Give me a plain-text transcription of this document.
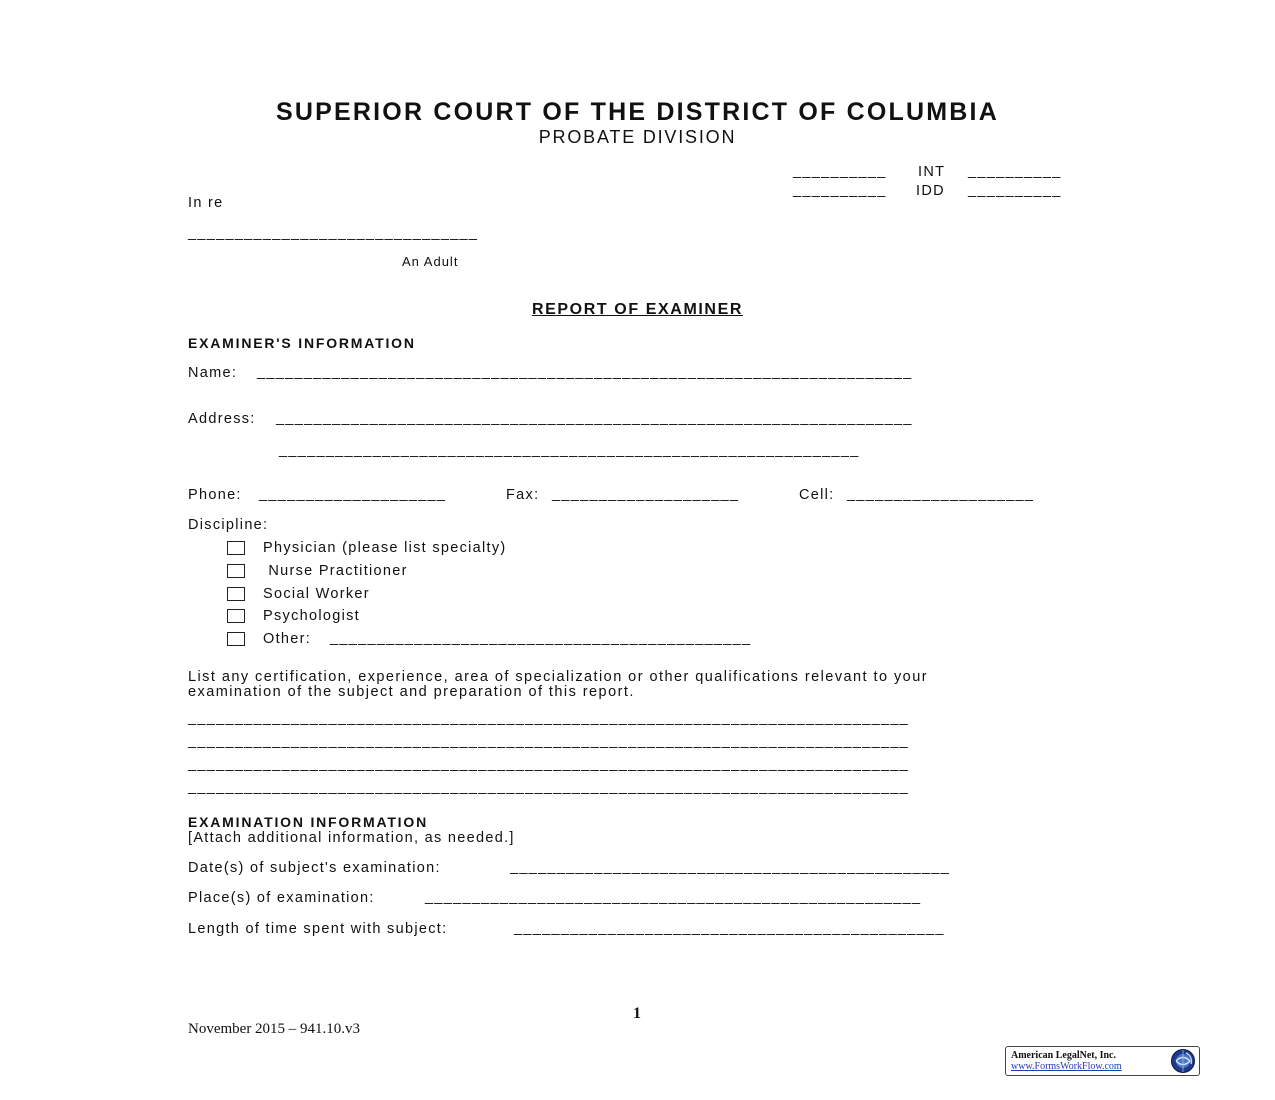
SUPERIOR COURT OF THE DISTRICT OF COLUMBIA
PROBATE DIVISION
__________ INT __________
__________ IDD __________
In re
_______________________________
An Adult
REPORT OF EXAMINER
EXAMINER'S INFORMATION
Name: ______________________________________________________________________
Address: ____________________________________________________________________
______________________________________________________________
Phone: ____________________	Fax: ____________________	Cell: ____________________
Discipline:
Physician (please list specialty)
Nurse Practitioner
Social Worker
Psychologist
Other: _____________________________________________
List any certification, experience, area of specialization or other qualifications relevant to your
examination of the subject and preparation of this report.
_____________________________________________________________________________
_____________________________________________________________________________
_____________________________________________________________________________
_____________________________________________________________________________
EXAMINATION INFORMATION
[Attach additional information, as needed.]
Date(s) of subject's examination:	_______________________________________________
Place(s) of examination:	_____________________________________________________
Length of time spent with subject:	______________________________________________
1
November 2015 – 941.10.v3
American LegalNet, Inc.
www.FormsWorkFlow.com
